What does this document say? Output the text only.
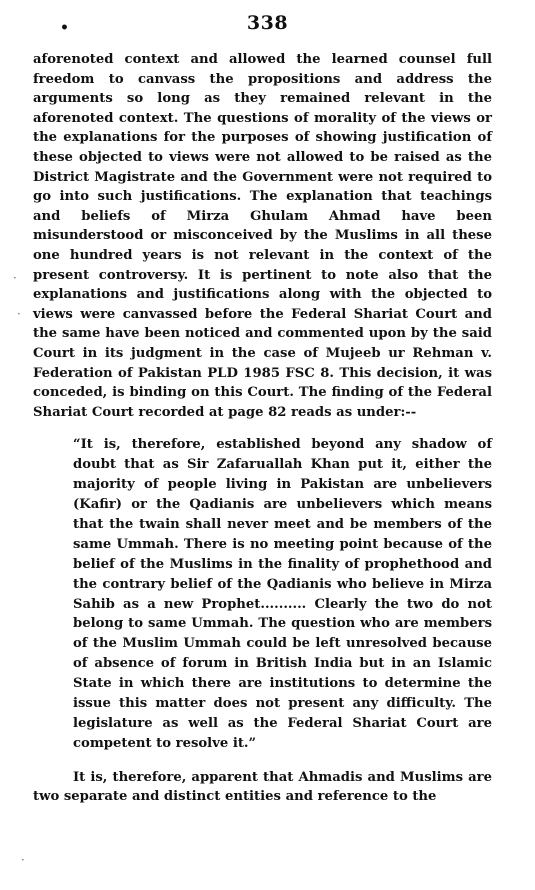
•	338

aforenoted context and allowed the learned counsel full freedom to canvass the propositions and address the arguments so long as they remained relevant in the aforenoted context. The questions of morality of the views or the explanations for the purposes of showing justification of these objected to views were not allowed to be raised as the District Magistrate and the Government were not required to go into such justifications. The explanation that teachings and beliefs of Mirza Ghulam Ahmad have been misunderstood or misconceived by the Muslims in all these one hundred years is not relevant in the context of the present controversy. It is pertinent to note also that the explanations and justifications along with the objected to views were canvassed before the Federal Shariat Court and the same have been noticed and commented upon by the said Court in its judgment in the case of Mujeeb ur Rehman v. Federation of Pakistan PLD 1985 FSC 8. This decision, it was conceded, is binding on this Court. The finding of the Federal Shariat Court recorded at page 82 reads as under:--

“It is, therefore, established beyond any shadow of doubt that as Sir Zafaruallah Khan put it, either the majority of people living in Pakistan are unbelievers (Kafir) or the Qadianis are unbelievers which means that the twain shall never meet and be members of the same Ummah. There is no meeting point because of the belief of the Muslims in the finality of prophethood and the contrary belief of the Qadianis who believe in Mirza Sahib as a new Prophet.......... Clearly the two do not belong to same Ummah. The question who are members of the Muslim Ummah could be left unresolved because of absence of forum in British India but in an Islamic State in which there are institutions to determine the issue this matter does not present any difficulty. The legislature as well as the Federal Shariat Court are competent to resolve it.”

It is, therefore, apparent that Ahmadis and Muslims are two separate and distinct entities and reference to the

·
·
·
